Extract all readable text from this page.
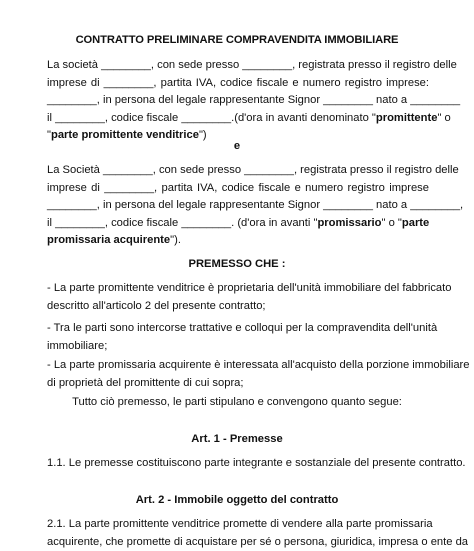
CONTRATTO PRELIMINARE COMPRAVENDITA IMMOBILIARE
La società ________, con sede presso ________, registrata presso il registro delle
imprese di ________, partita IVA, codice fiscale e numero registro imprese:
________, in persona del legale rappresentante Signor ________ nato a ________
il ________, codice fiscale ________.(d'ora in avanti denominato "promittente" o
"parte promittente venditrice")
e
La Società ________, con sede presso ________, registrata presso il registro delle
imprese di ________, partita IVA, codice fiscale e numero registro imprese
________, in persona del legale rappresentante Signor ________ nato a ________,
il ________, codice fiscale ________. (d'ora in avanti "promissario" o "parte
promissaria acquirente").
PREMESSO CHE :
- La parte promittente venditrice è proprietaria dell'unità immobiliare del fabbricato
descritto all'articolo 2 del presente contratto;
- Tra le parti sono intercorse trattative e colloqui per la compravendita dell'unità
immobiliare;
- La parte promissaria acquirente è interessata all'acquisto della porzione immobiliare
di proprietà del promittente di cui sopra;
Tutto ciò premesso, le parti stipulano e convengono quanto segue:
Art. 1 - Premesse
1.1. Le premesse costituiscono parte integrante e sostanziale del presente contratto.
Art. 2 - Immobile oggetto del contratto
2.1. La parte promittente venditrice promette di vendere alla parte promissaria
acquirente, che promette di acquistare per sé o persona, giuridica, impresa o ente da
